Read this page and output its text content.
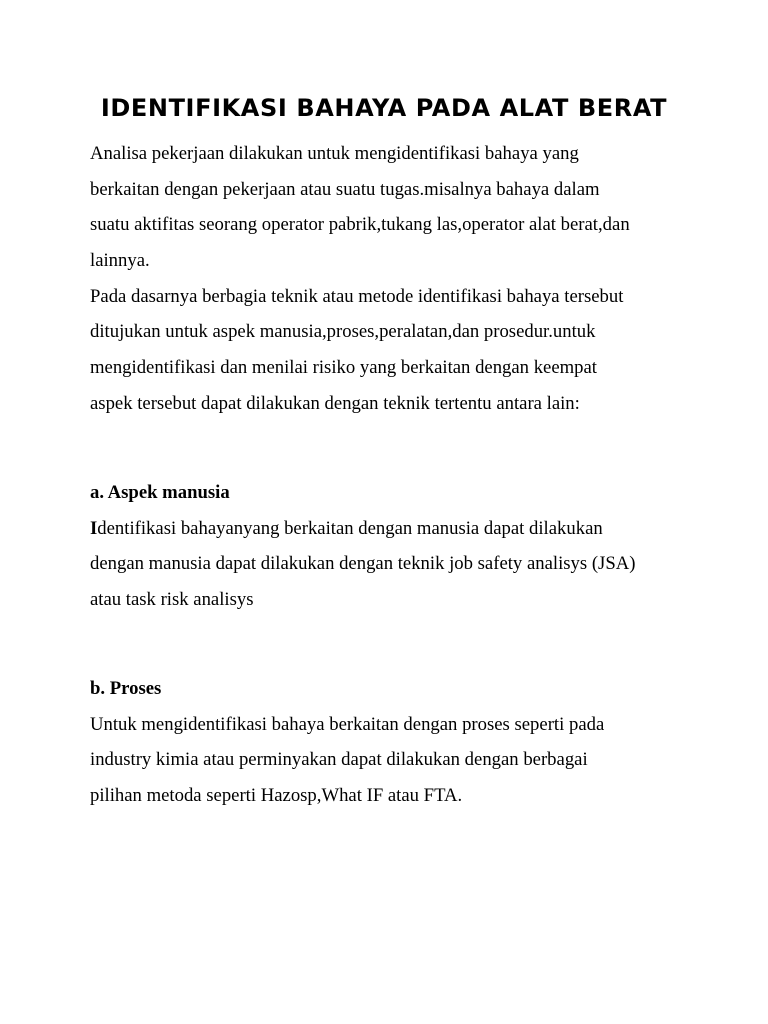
IDENTIFIKASI BAHAYA PADA ALAT BERAT
Analisa pekerjaan dilakukan untuk mengidentifikasi bahaya yang
berkaitan dengan pekerjaan atau suatu tugas.misalnya bahaya dalam
suatu aktifitas seorang operator pabrik,tukang las,operator alat berat,dan
lainnya.
Pada dasarnya berbagia teknik atau metode identifikasi bahaya tersebut
ditujukan untuk aspek manusia,proses,peralatan,dan prosedur.untuk
mengidentifikasi dan menilai risiko yang berkaitan dengan keempat
aspek tersebut dapat dilakukan dengan teknik tertentu antara lain:
a. Aspek manusia
Identifikasi bahayanyang berkaitan dengan manusia dapat dilakukan
dengan manusia dapat dilakukan dengan teknik job safety analisys (JSA)
atau task risk analisys
b. Proses
Untuk mengidentifikasi bahaya berkaitan dengan proses seperti pada
industry kimia atau perminyakan dapat dilakukan dengan berbagai
pilihan metoda seperti Hazosp,What IF atau FTA.
